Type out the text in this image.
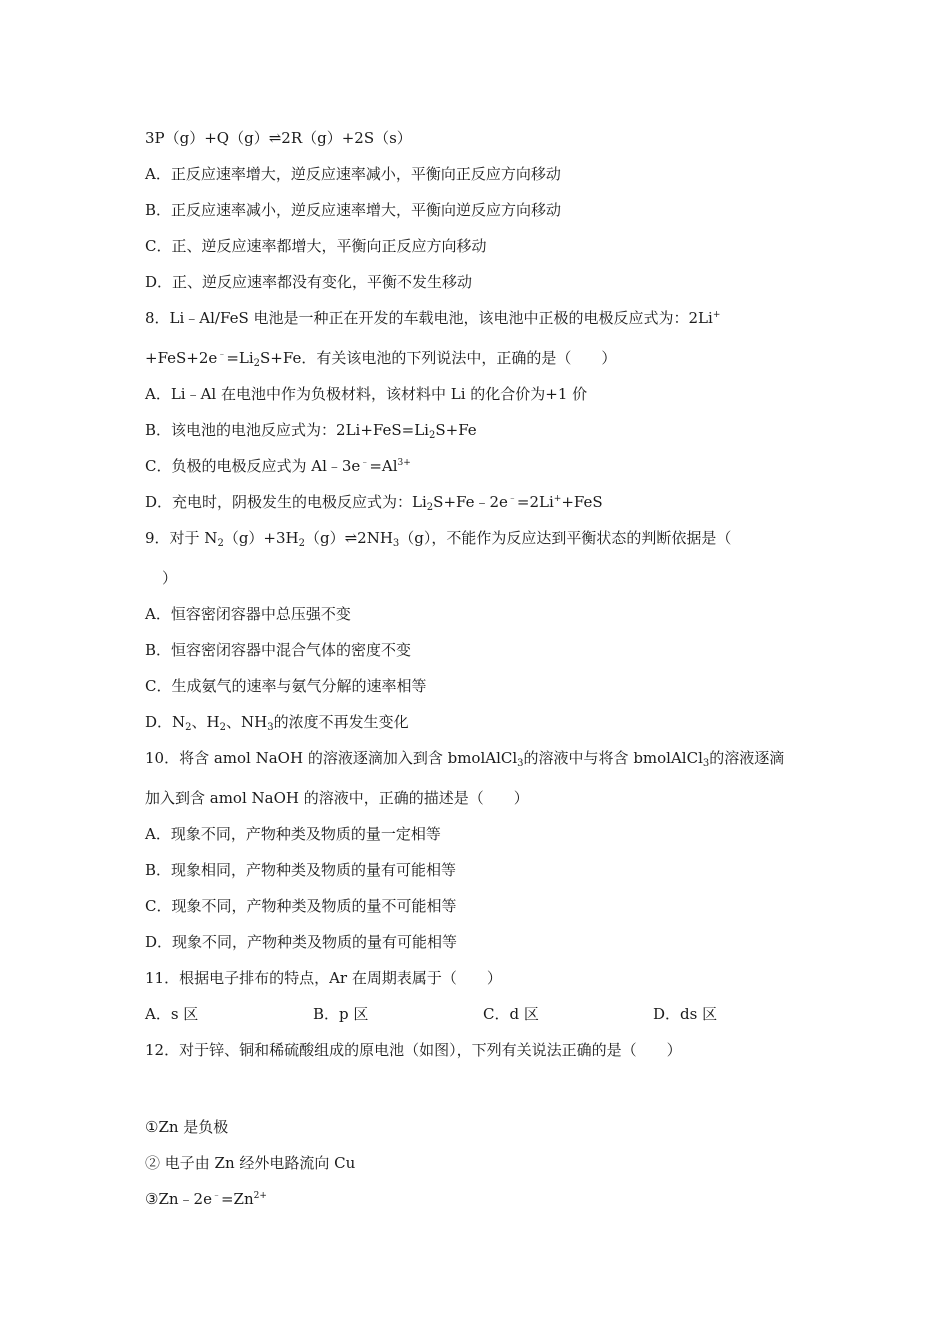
3P（g）+Q（g）⇌2R（g）+2S（s）
A．正反应速率增大，逆反应速率减小，平衡向正反应方向移动
B．正反应速率减小，逆反应速率增大，平衡向逆反应方向移动
C．正、逆反应速率都增大，平衡向正反应方向移动
D．正、逆反应速率都没有变化，平衡不发生移动
8．Li﹣Al/FeS 电池是一种正在开发的车载电池，该电池中正极的电极反应式为：2Li+
$+FeS+2e^﹣=Li_2S+Fe$．有关该电池的下列说法中，正确的是（　　）
A．Li﹣Al 在电池中作为负极材料，该材料中 Li 的化合价为+1 价
B．该电池的电池反应式为：$2Li+FeS=Li_2S+Fe$
C．负极的电极反应式为 $Al﹣3e^﹣=Al^{3+}$
D．充电时，阴极发生的电极反应式为：$Li_2S+Fe﹣2e^﹣=2Li^++FeS$
9．对于 $N_2(g)+3H_2(g)\rightleftharpoons 2NH_3(g)$，不能作为反应达到平衡状态的判断依据是（
）
A．恒容密闭容器中总压强不变
B．恒容密闭容器中混合气体的密度不变
C．生成氨气的速率与氨气分解的速率相等
D．$N_2$、$H_2$、$NH_3$的浓度不再发生变化
10．将含 amol NaOH 的溶液逐滴加入到含 bmolAlCl$_3$的溶液中与将含 bmolAlCl$_3$的溶液逐滴
加入到含 amol NaOH 的溶液中，正确的描述是（　　）
A．现象不同，产物种类及物质的量一定相等
B．现象相同，产物种类及物质的量有可能相等
C．现象不同，产物种类及物质的量不可能相等
D．现象不同，产物种类及物质的量有可能相等
11．根据电子排布的特点，Ar 在周期表属于（　　）
A．s 区	B．p 区	C．d 区	D．ds 区
12．对于锌、铜和稀硫酸组成的原电池（如图），下列有关说法正确的是（　　）
①Zn 是负极
② 电子由 Zn 经外电路流向 Cu
$③Zn﹣2e^﹣=Zn^{2+}$
